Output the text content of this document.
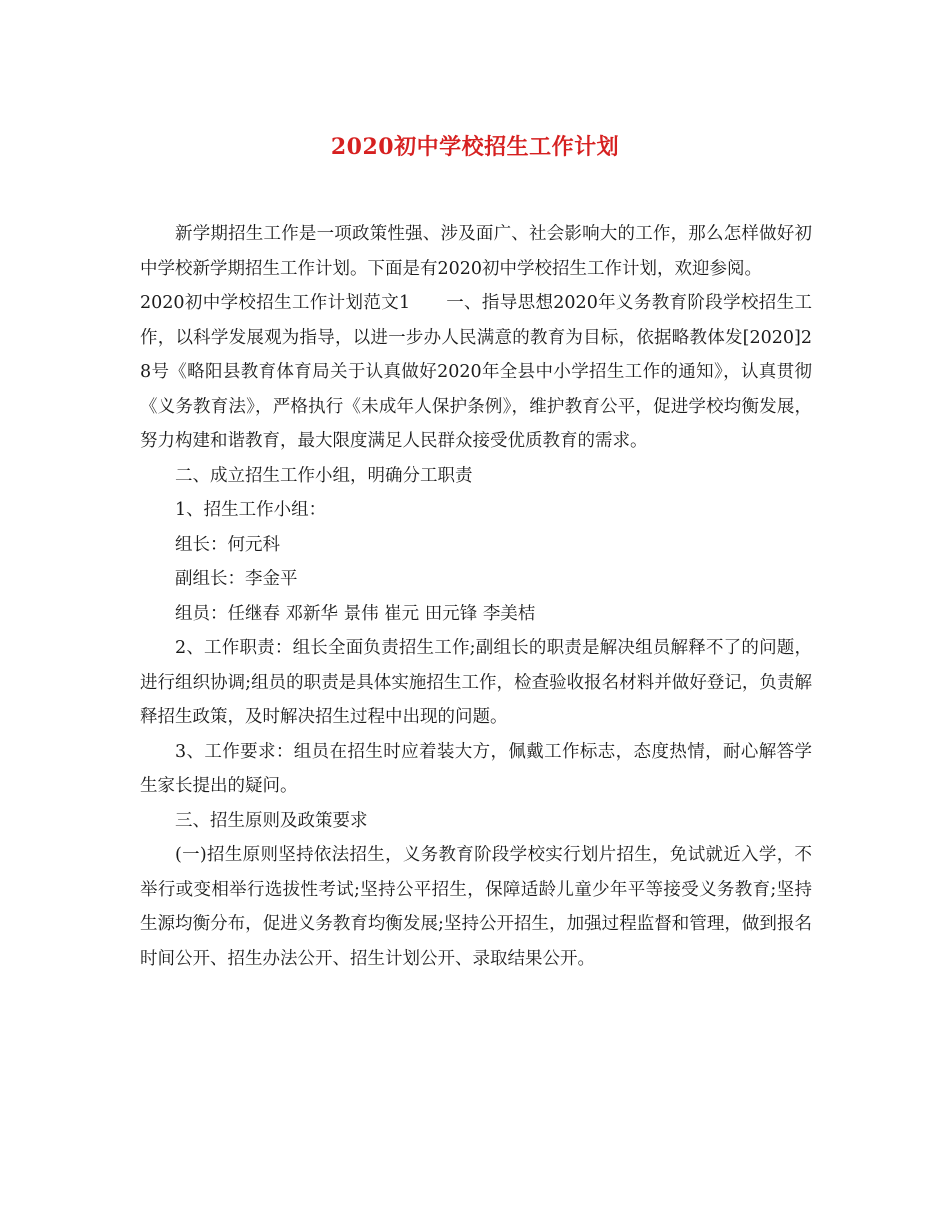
2020初中学校招生工作计划

新学期招生工作是一项政策性强、涉及面广、社会影响大的工作，那么怎样做好初中学校新学期招生工作计划。下面是有2020初中学校招生工作计划，欢迎参阅。

2020初中学校招生工作计划范文1　　一、指导思想2020年义务教育阶段学校招生工作，以科学发展观为指导，以进一步办人民满意的教育为目标，依据略教体发[2020]28号《略阳县教育体育局关于认真做好2020年全县中小学招生工作的通知》，认真贯彻《义务教育法》，严格执行《未成年人保护条例》，维护教育公平，促进学校均衡发展，努力构建和谐教育，最大限度满足人民群众接受优质教育的需求。

二、成立招生工作小组，明确分工职责

1、招生工作小组：

组长：何元科

副组长：李金平

组员：任继春 邓新华 景伟 崔元 田元锋 李美桔

2、工作职责：组长全面负责招生工作;副组长的职责是解决组员解释不了的问题，进行组织协调;组员的职责是具体实施招生工作，检查验收报名材料并做好登记，负责解释招生政策，及时解决招生过程中出现的问题。

3、工作要求：组员在招生时应着装大方，佩戴工作标志，态度热情，耐心解答学生家长提出的疑问。

三、招生原则及政策要求

(一)招生原则坚持依法招生，义务教育阶段学校实行划片招生，免试就近入学，不举行或变相举行选拔性考试;坚持公平招生，保障适龄儿童少年平等接受义务教育;坚持生源均衡分布，促进义务教育均衡发展;坚持公开招生，加强过程监督和管理，做到报名时间公开、招生办法公开、招生计划公开、录取结果公开。
